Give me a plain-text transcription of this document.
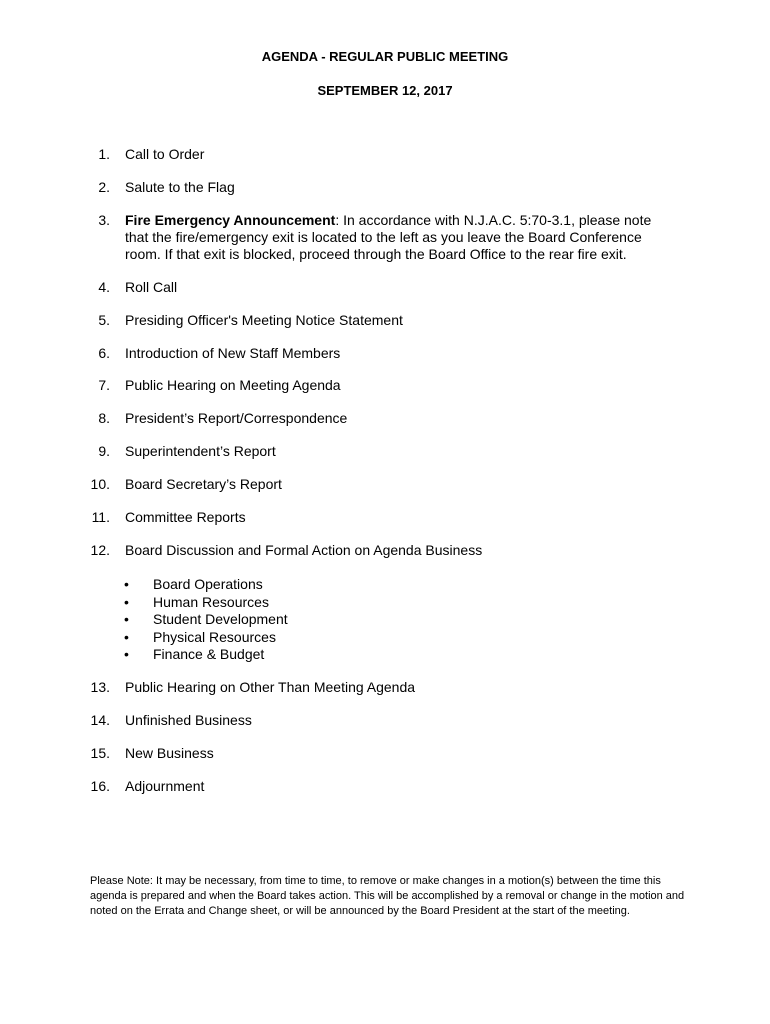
AGENDA - REGULAR PUBLIC MEETING
SEPTEMBER 12, 2017
1. Call to Order
2. Salute to the Flag
3. Fire Emergency Announcement: In accordance with N.J.A.C. 5:70-3.1, please note that the fire/emergency exit is located to the left as you leave the Board Conference room. If that exit is blocked, proceed through the Board Office to the rear fire exit.
4. Roll Call
5. Presiding Officer's Meeting Notice Statement
6. Introduction of New Staff Members
7. Public Hearing on Meeting Agenda
8. President’s Report/Correspondence
9. Superintendent’s Report
10. Board Secretary’s Report
11. Committee Reports
12. Board Discussion and Formal Action on Agenda Business
• Board Operations
• Human Resources
• Student Development
• Physical Resources
• Finance & Budget
13. Public Hearing on Other Than Meeting Agenda
14. Unfinished Business
15. New Business
16. Adjournment
Please Note: It may be necessary, from time to time, to remove or make changes in a motion(s) between the time this agenda is prepared and when the Board takes action. This will be accomplished by a removal or change in the motion and noted on the Errata and Change sheet, or will be announced by the Board President at the start of the meeting.
